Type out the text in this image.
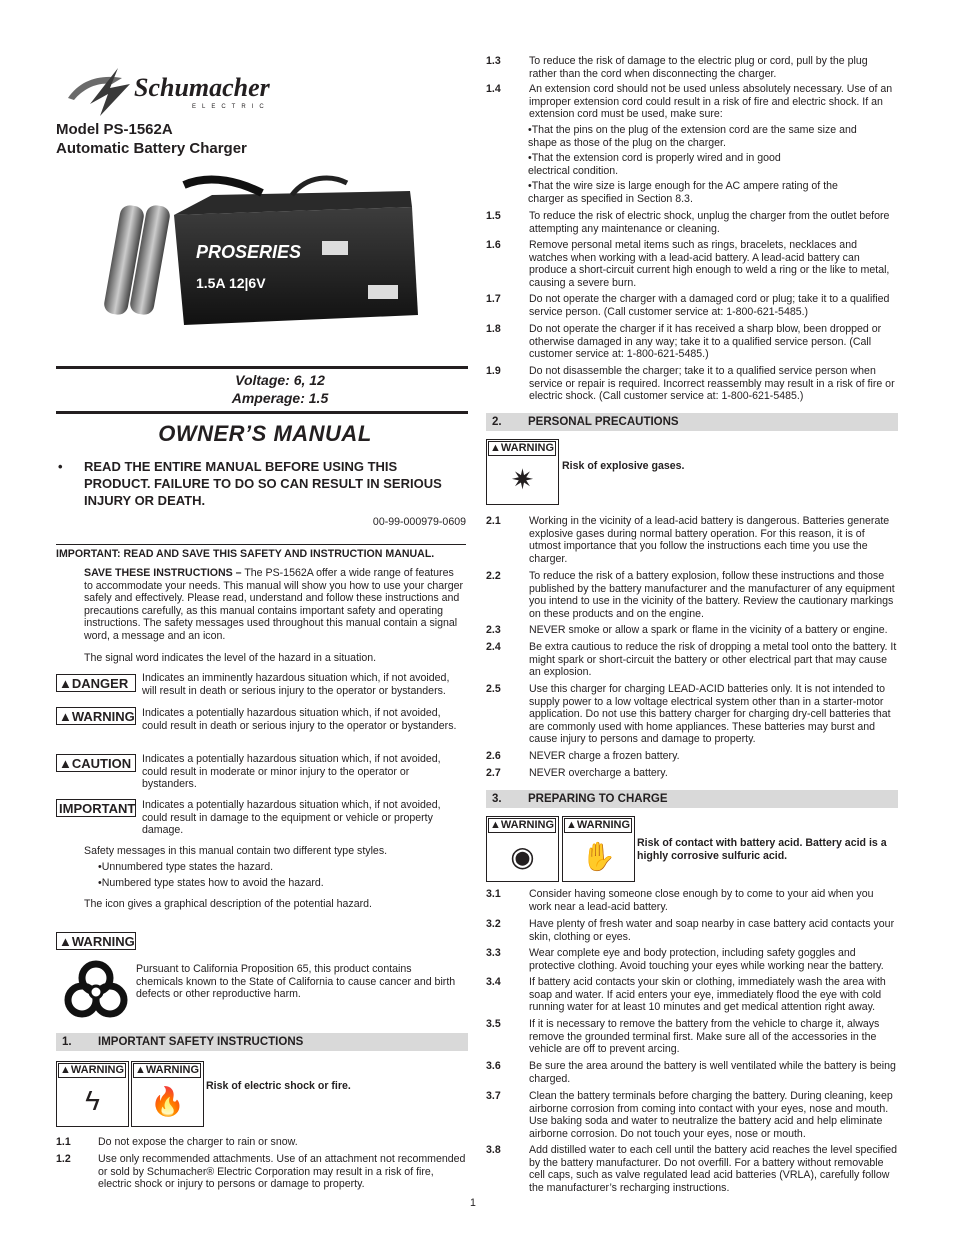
Schumacher
ELECTRIC
Model PS-1562A
Automatic Battery Charger
PROSERIES
1.5A 12|6V
Voltage: 6, 12
Amperage: 1.5
OWNER’S MANUAL
• READ THE ENTIRE MANUAL BEFORE USING THIS PRODUCT. FAILURE TO DO SO CAN RESULT IN SERIOUS INJURY OR DEATH.
00-99-000979-0609
IMPORTANT: READ AND SAVE THIS SAFETY AND INSTRUCTION MANUAL.
SAVE THESE INSTRUCTIONS – The PS-1562A offer a wide range of features to accommodate your needs. This manual will show you how to use your charger safely and effectively. Please read, understand and follow these instructions and precautions carefully, as this manual contains important safety and operating instructions. The safety messages used throughout this manual contain a signal word, a message and an icon.
The signal word indicates the level of the hazard in a situation.
▲DANGER	Indicates an imminently hazardous situation which, if not avoided, will result in death or serious injury to the operator or bystanders.
▲WARNING Indicates a potentially hazardous situation which, if not avoided, could result in death or serious injury to the operator or bystanders.
▲CAUTION	Indicates a potentially hazardous situation which, if not avoided, could result in moderate or minor injury to the operator or bystanders.
IMPORTANT Indicates a potentially hazardous situation which, if not avoided, could result in damage to the equipment or vehicle or property damage.
Safety messages in this manual contain two different type styles.
•Unnumbered type states the hazard.
•Numbered type states how to avoid the hazard.
The icon gives a graphical description of the potential hazard.
▲WARNING
Pursuant to California Proposition 65, this product contains chemicals known to the State of California to cause cancer and birth defects or other reproductive harm.
1. IMPORTANT SAFETY INSTRUCTIONS
▲WARNING
ϟ
▲WARNING
🔥	Risk of electric shock or fire.
1.1	Do not expose the charger to rain or snow.
1.2	Use only recommended attachments. Use of an attachment not recommended or sold by Schumacher® Electric Corporation may result in a risk of fire, electric shock or injury to persons or damage to property.
1.3	To reduce the risk of damage to the electric plug or cord, pull by the plug rather than the cord when disconnecting the charger.
1.4	An extension cord should not be used unless absolutely necessary. Use of an improper extension cord could result in a risk of fire and electric shock. If an extension cord must be used, make sure:
•That the pins on the plug of the extension cord are the same size and shape as those of the plug on the charger.
•That the extension cord is properly wired and in good electrical condition.
•That the wire size is large enough for the AC ampere rating of the charger as specified in Section 8.3.
1.5	To reduce the risk of electric shock, unplug the charger from the outlet before attempting any maintenance or cleaning.
1.6	Remove personal metal items such as rings, bracelets, necklaces and watches when working with a lead-acid battery. A lead-acid battery can produce a short-circuit current high enough to weld a ring or the like to metal, causing a severe burn.
1.7	Do not operate the charger with a damaged cord or plug; take it to a qualified service person. (Call customer service at: 1-800-621-5485.)
1.8	Do not operate the charger if it has received a sharp blow, been dropped or otherwise damaged in any way; take it to a qualified service person. (Call customer service at: 1-800-621-5485.)
1.9	Do not disassemble the charger; take it to a qualified service person when service or repair is required. Incorrect reassembly may result in a risk of fire or electric shock. (Call customer service at: 1-800-621-5485.)
2. PERSONAL PRECAUTIONS
▲WARNING
✷	Risk of explosive gases.
2.1	Working in the vicinity of a lead-acid battery is dangerous. Batteries generate explosive gases during normal battery operation. For this reason, it is of utmost importance that you follow the instructions each time you use the charger.
2.2	To reduce the risk of a battery explosion, follow these instructions and those published by the battery manufacturer and the manufacturer of any equipment you intend to use in the vicinity of the battery. Review the cautionary markings on these products and on the engine.
2.3	NEVER smoke or allow a spark or flame in the vicinity of a battery or engine.
2.4	Be extra cautious to reduce the risk of dropping a metal tool onto the battery. It might spark or short-circuit the battery or other electrical part that may cause an explosion.
2.5	Use this charger for charging LEAD-ACID batteries only. It is not intended to supply power to a low voltage electrical system other than in a starter-motor application. Do not use this battery charger for charging dry-cell batteries that are commonly used with home appliances. These batteries may burst and cause injury to persons and damage to property.
2.6	NEVER charge a frozen battery.
2.7	NEVER overcharge a battery.
3. PREPARING TO CHARGE
▲WARNING
◉
▲WARNING
✋	Risk of contact with battery acid. Battery acid is a highly corrosive sulfuric acid.
3.1	Consider having someone close enough by to come to your aid when you work near a lead-acid battery.
3.2	Have plenty of fresh water and soap nearby in case battery acid contacts your skin, clothing or eyes.
3.3	Wear complete eye and body protection, including safety goggles and protective clothing. Avoid touching your eyes while working near the battery.
3.4	If battery acid contacts your skin or clothing, immediately wash the area with soap and water. If acid enters your eye, immediately flood the eye with cold running water for at least 10 minutes and get medical attention right away.
3.5	If it is necessary to remove the battery from the vehicle to charge it, always remove the grounded terminal first. Make sure all of the accessories in the vehicle are off to prevent arcing.
3.6	Be sure the area around the battery is well ventilated while the battery is being charged.
3.7	Clean the battery terminals before charging the battery. During cleaning, keep airborne corrosion from coming into contact with your eyes, nose and mouth. Use baking soda and water to neutralize the battery acid and help eliminate airborne corrosion. Do not touch your eyes, nose or mouth.
3.8	Add distilled water to each cell until the battery acid reaches the level specified by the battery manufacturer. Do not overfill. For a battery without removable cell caps, such as valve regulated lead acid batteries (VRLA), carefully follow the manufacturer’s recharging instructions.
1
